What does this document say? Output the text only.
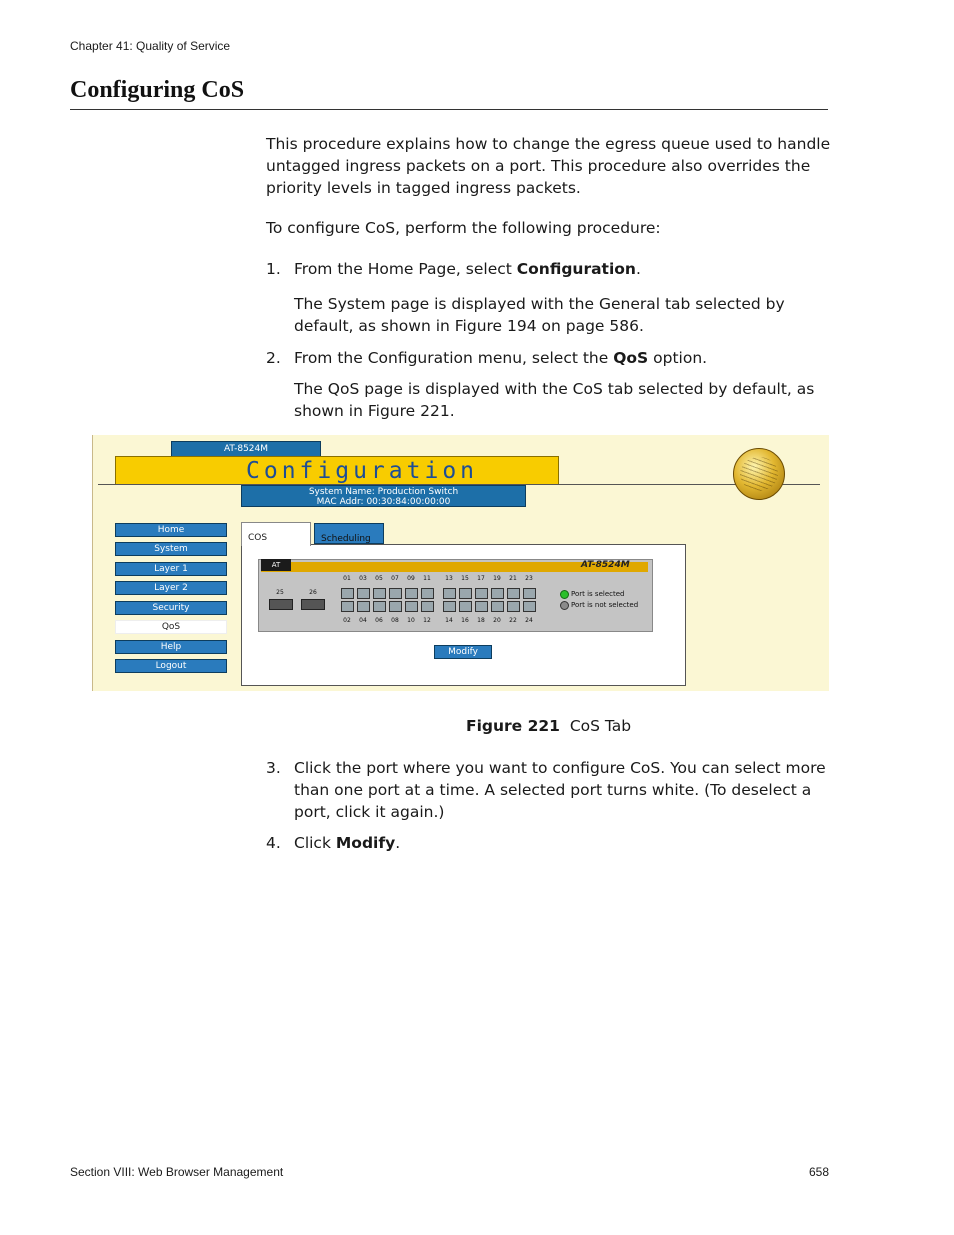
Chapter 41: Quality of Service
Configuring CoS
This procedure explains how to change the egress queue used to handle
untagged ingress packets on a port. This procedure also overrides the
priority levels in tagged ingress packets.
To configure CoS, perform the following procedure:
1. From the Home Page, select Configuration.
The System page is displayed with the General tab selected by
default, as shown in Figure 194 on page 586.
2. From the Configuration menu, select the QoS option.
The QoS page is displayed with the CoS tab selected by default, as
shown in Figure 221.
AT-8524M
Configuration
System Name: Production Switch
MAC Addr: 00:30:84:00:00:00
Home
System
Layer 1
Layer 2
Security
QoS
Help
Logout
COS	Scheduling
AT	AT-8524M
25	26
01
02
03
04
05
06
07
08
09
10
11
12
13
14
15
16
17
18
19
20
21
22
23
24
Port is selected
Port is not selected
Modify
Figure 221 CoS Tab
3. Click the port where you want to configure CoS. You can select more
than one port at a time. A selected port turns white. (To deselect a
port, click it again.)
4. Click Modify.
Section VIII: Web Browser Management	658
